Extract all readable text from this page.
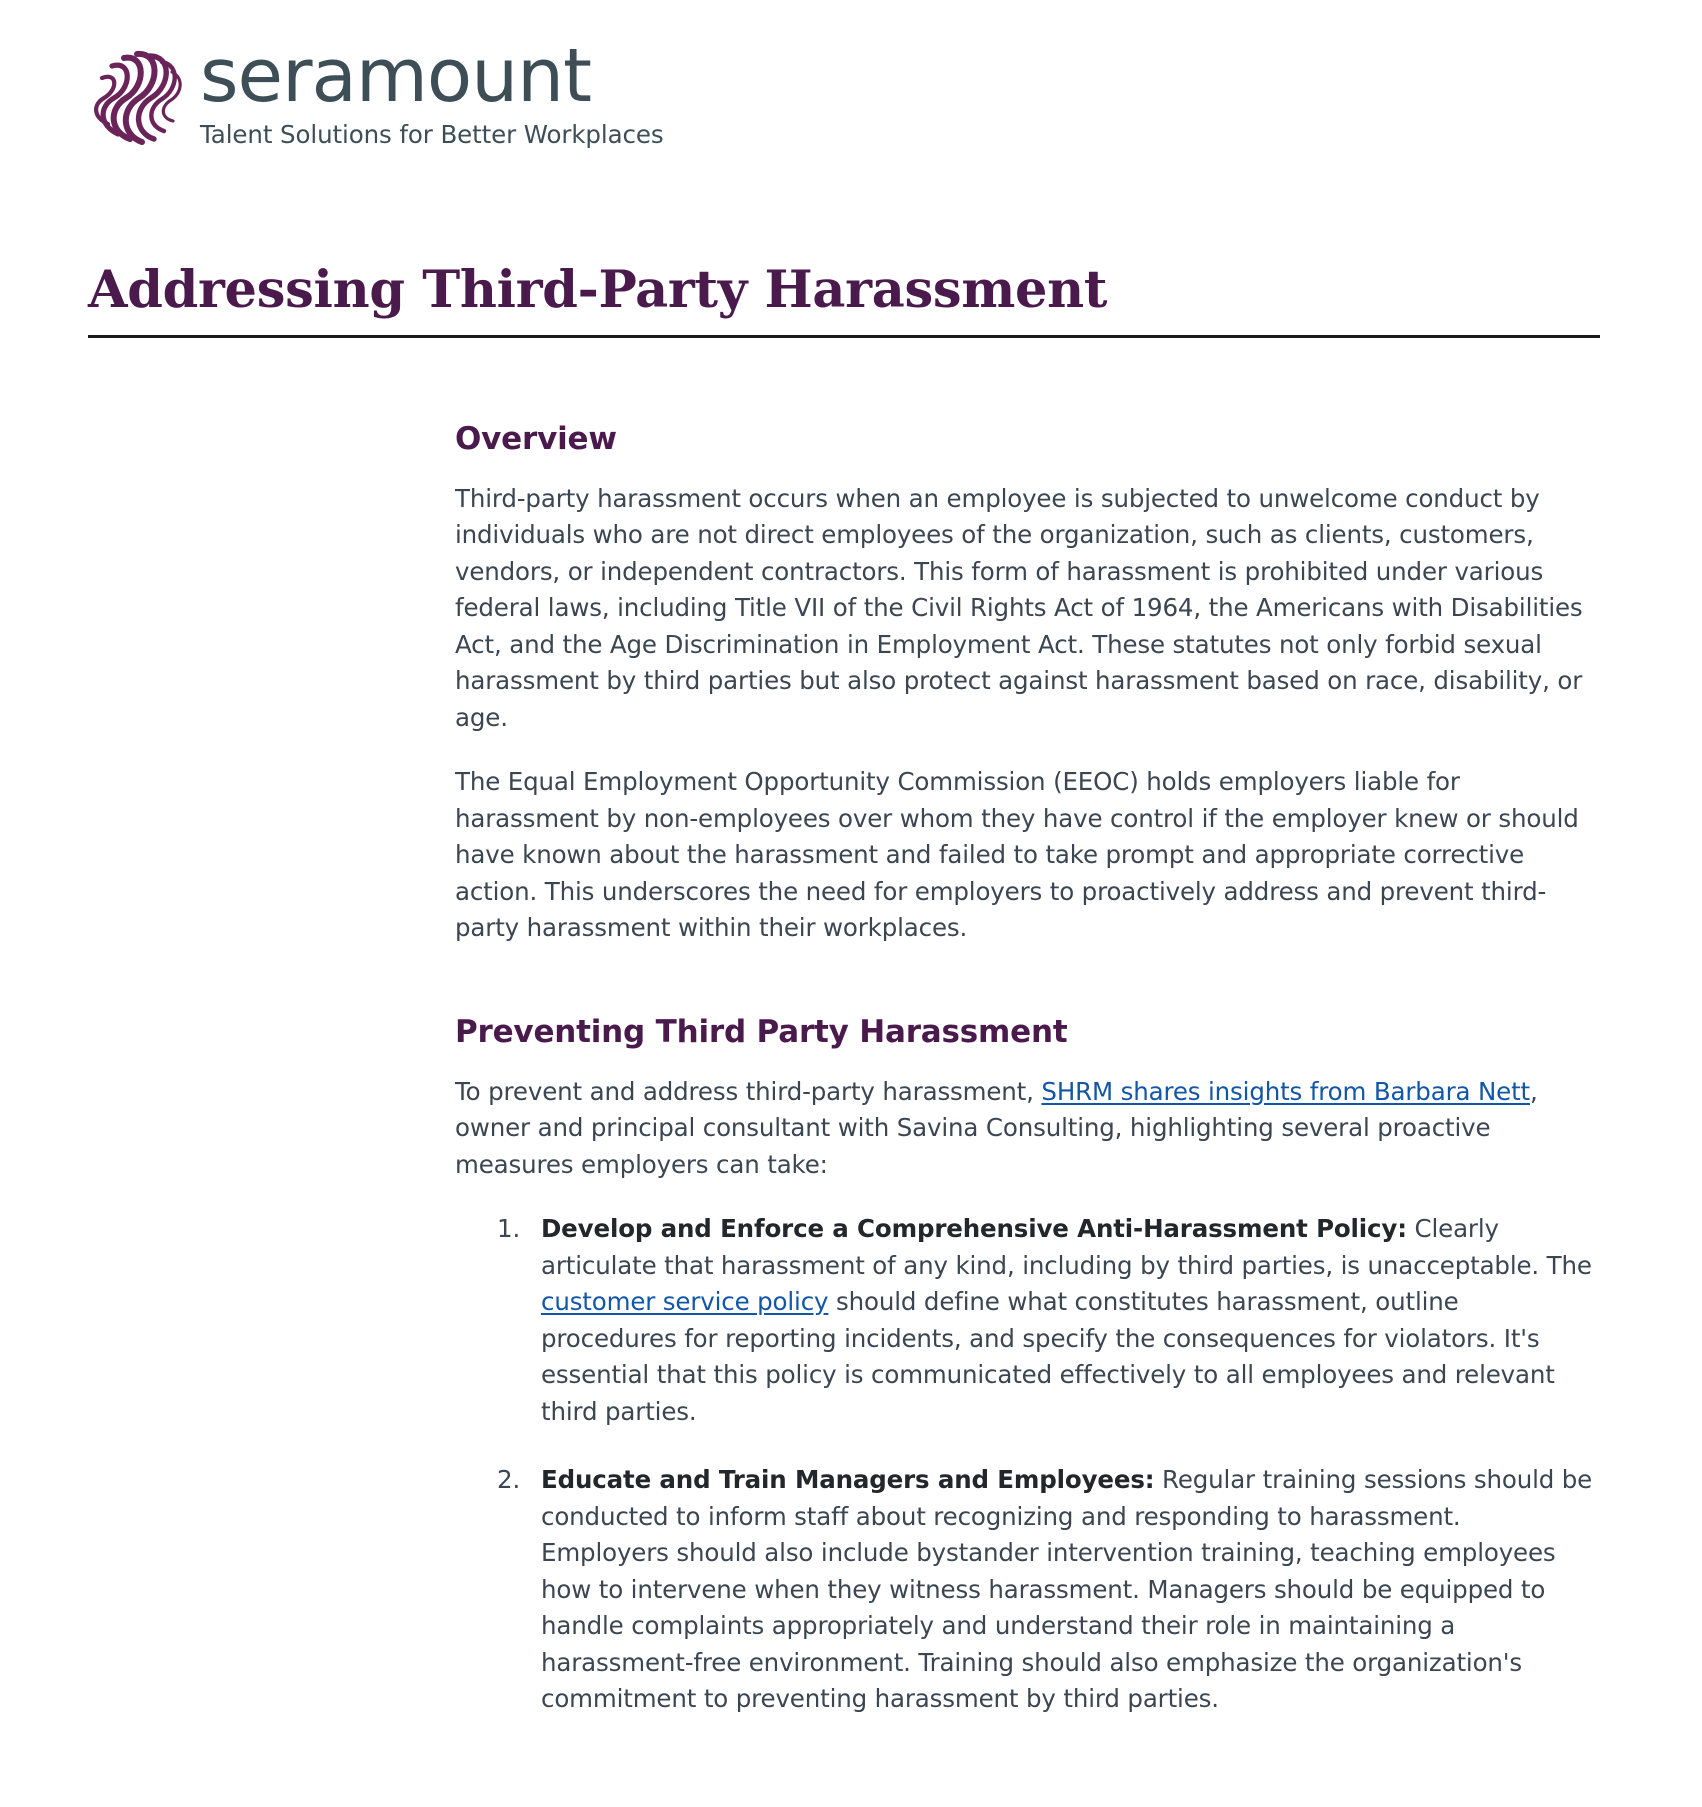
seramount
Talent Solutions for Better Workplaces
Addressing Third-Party Harassment
Overview

Third-party harassment occurs when an employee is subjected to unwelcome conduct by individuals who are not direct employees of the organization, such as clients, customers, vendors, or independent contractors. This form of harassment is prohibited under various federal laws, including Title VII of the Civil Rights Act of 1964, the Americans with Disabilities Act, and the Age Discrimination in Employment Act. These statutes not only forbid sexual harassment by third parties but also protect against harassment based on race, disability, or age.

The Equal Employment Opportunity Commission (EEOC) holds employers liable for harassment by non-employees over whom they have control if the employer knew or should have known about the harassment and failed to take prompt and appropriate corrective action. This underscores the need for employers to proactively address and prevent third-party harassment within their workplaces.

Preventing Third Party Harassment

To prevent and address third-party harassment, SHRM shares insights from Barbara Nett, owner and principal consultant with Savina Consulting, highlighting several proactive measures employers can take:

Develop and Enforce a Comprehensive Anti-Harassment Policy: Clearly articulate that harassment of any kind, including by third parties, is unacceptable. The customer service policy should define what constitutes harassment, outline procedures for reporting incidents, and specify the consequences for violators. It's essential that this policy is communicated effectively to all employees and relevant third parties.
Educate and Train Managers and Employees: Regular training sessions should be conducted to inform staff about recognizing and responding to harassment. Employers should also include bystander intervention training, teaching employees how to intervene when they witness harassment. Managers should be equipped to handle complaints appropriately and understand their role in maintaining a harassment-free environment. Training should also emphasize the organization's commitment to preventing harassment by third parties.
